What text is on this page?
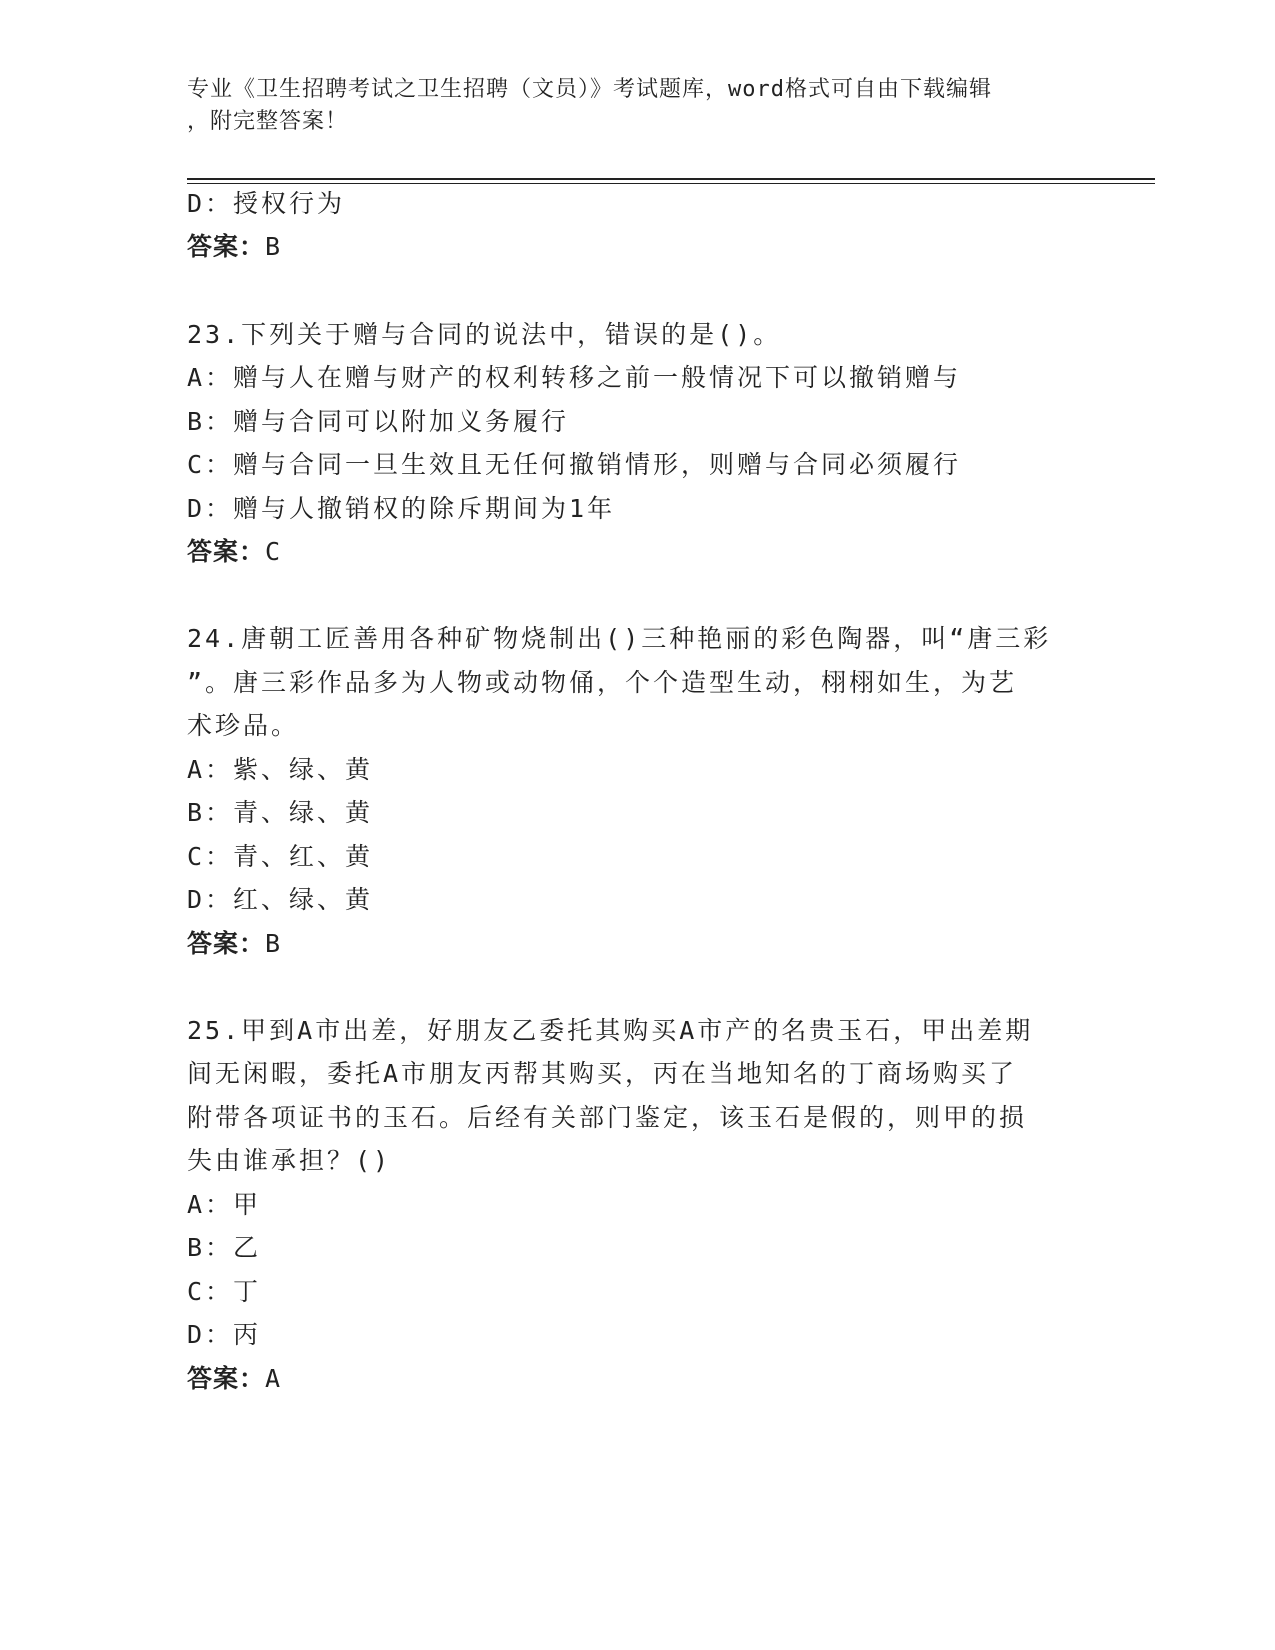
专业《卫生招聘考试之卫生招聘（文员）》考试题库，word格式可自由下载编辑
，附完整答案！
D：授权行为
答案：B
23.下列关于赠与合同的说法中，错误的是()。
A：赠与人在赠与财产的权利转移之前一般情况下可以撤销赠与
B：赠与合同可以附加义务履行
C：赠与合同一旦生效且无任何撤销情形，则赠与合同必须履行
D：赠与人撤销权的除斥期间为1年
答案：C
24.唐朝工匠善用各种矿物烧制出()三种艳丽的彩色陶器，叫“唐三彩
”。唐三彩作品多为人物或动物俑，个个造型生动，栩栩如生，为艺
术珍品。
A：紫、绿、黄
B：青、绿、黄
C：青、红、黄
D：红、绿、黄
答案：B
25.甲到A市出差，好朋友乙委托其购买A市产的名贵玉石，甲出差期
间无闲暇，委托A市朋友丙帮其购买，丙在当地知名的丁商场购买了
附带各项证书的玉石。后经有关部门鉴定，该玉石是假的，则甲的损
失由谁承担？()
A：甲
B：乙
C：丁
D：丙
答案：A
